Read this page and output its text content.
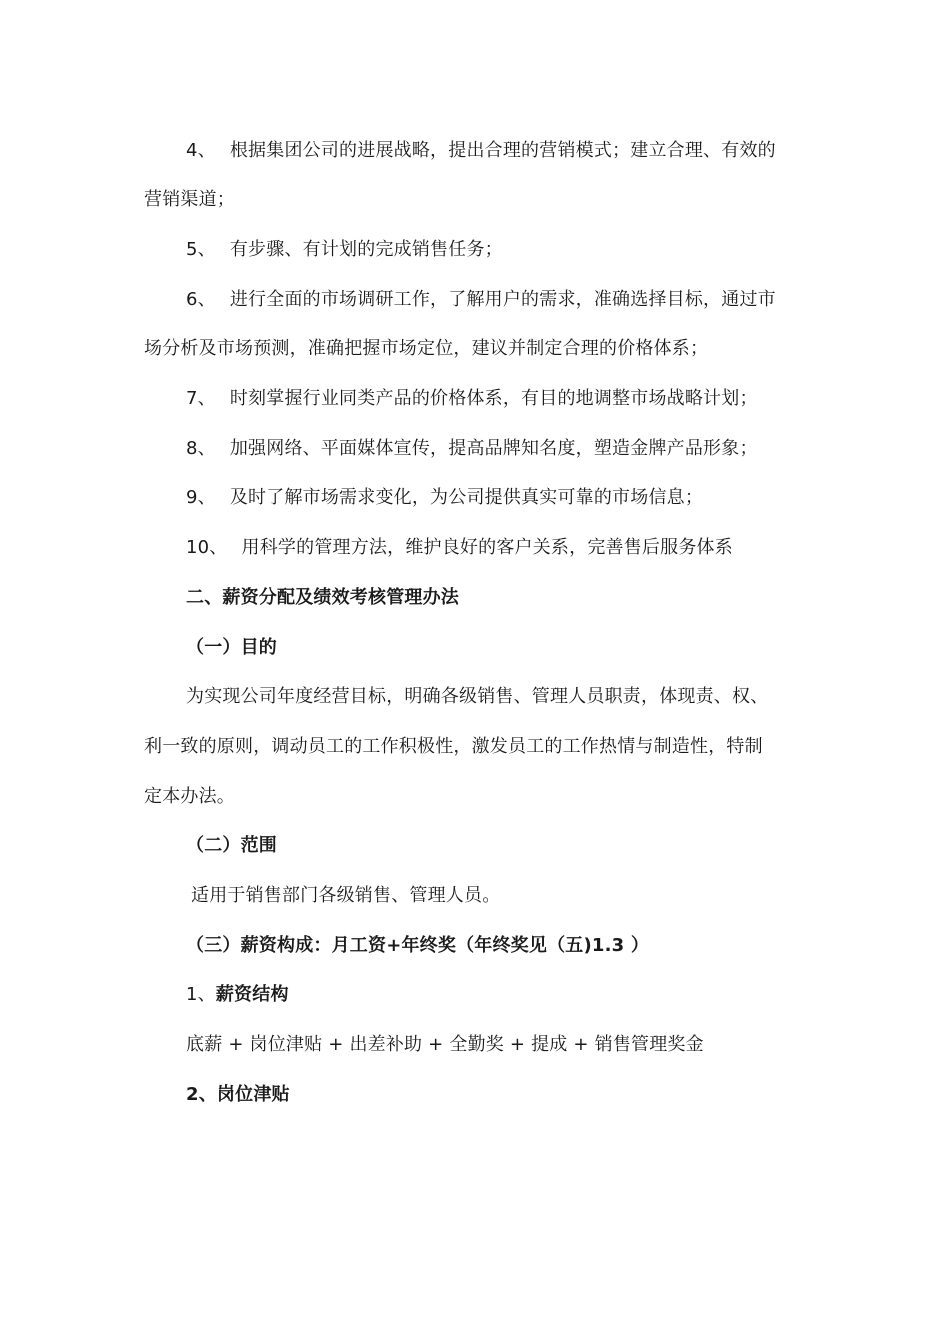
4、 根据集团公司的进展战略，提出合理的营销模式；建立合理、有效的
营销渠道；
5、 有步骤、有计划的完成销售任务；
6、 进行全面的市场调研工作，了解用户的需求，准确选择目标，通过市
场分析及市场预测，准确把握市场定位，建议并制定合理的价格体系；
7、 时刻掌握行业同类产品的价格体系，有目的地调整市场战略计划；
8、 加强网络、平面媒体宣传，提高品牌知名度，塑造金牌产品形象；
9、 及时了解市场需求变化，为公司提供真实可靠的市场信息；
10、 用科学的管理方法，维护良好的客户关系，完善售后服务体系
二、薪资分配及绩效考核管理办法
（一）目的
为实现公司年度经营目标，明确各级销售、管理人员职责，体现责、权、
利一致的原则，调动员工的工作积极性，激发员工的工作热情与制造性，特制
定本办法。
（二）范围
适用于销售部门各级销售、管理人员。
（三）薪资构成：月工资+年终奖（年终奖见（五)1.3 ）
1、薪资结构
底薪 + 岗位津贴 + 出差补助 + 全勤奖 + 提成 + 销售管理奖金
2、岗位津贴
